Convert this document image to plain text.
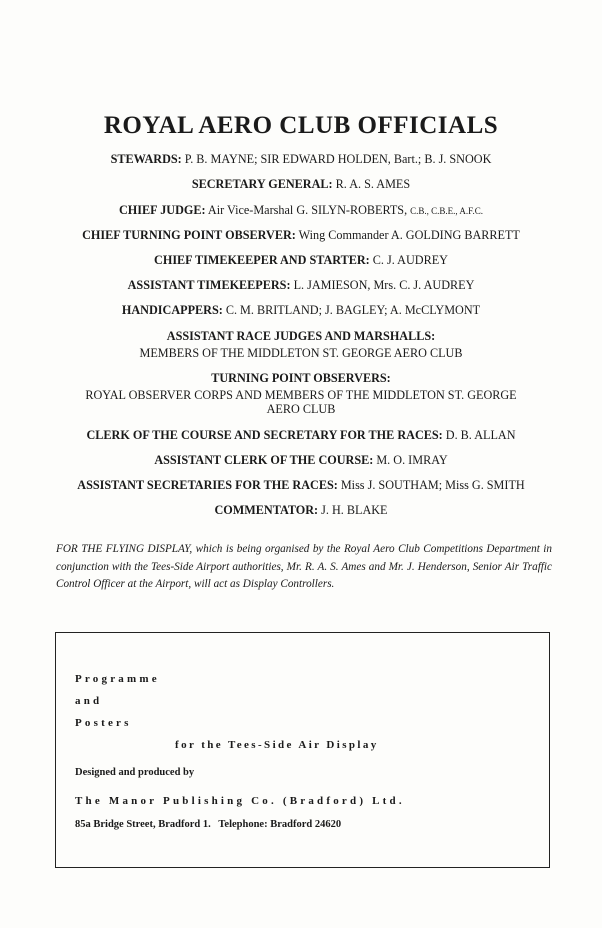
ROYAL AERO CLUB OFFICIALS
STEWARDS: P. B. MAYNE; SIR EDWARD HOLDEN, Bart.; B. J. SNOOK
SECRETARY GENERAL: R. A. S. AMES
CHIEF JUDGE: Air Vice-Marshal G. SILYN-ROBERTS, C.B., C.B.E., A.F.C.
CHIEF TURNING POINT OBSERVER: Wing Commander A. GOLDING BARRETT
CHIEF TIMEKEEPER AND STARTER: C. J. AUDREY
ASSISTANT TIMEKEEPERS: L. JAMIESON, Mrs. C. J. AUDREY
HANDICAPPERS: C. M. BRITLAND; J. BAGLEY; A. McCLYMONT
ASSISTANT RACE JUDGES AND MARSHALLS:
MEMBERS OF THE MIDDLETON ST. GEORGE AERO CLUB
TURNING POINT OBSERVERS:
ROYAL OBSERVER CORPS AND MEMBERS OF THE MIDDLETON ST. GEORGE
AERO CLUB
CLERK OF THE COURSE AND SECRETARY FOR THE RACES: D. B. ALLAN
ASSISTANT CLERK OF THE COURSE: M. O. IMRAY
ASSISTANT SECRETARIES FOR THE RACES: Miss J. SOUTHAM; Miss G. SMITH
COMMENTATOR: J. H. BLAKE

FOR THE FLYING DISPLAY, which is being organised by the Royal Aero Club Competitions Department in conjunction with the Tees-Side Airport authorities, Mr. R. A. S. Ames and Mr. J. Henderson, Senior Air Traffic Control Officer at the Airport, will act as Display Controllers.

Programme
and
Posters
for the Tees-Side Air Display
Designed and produced by
The Manor Publishing Co. (Bradford) Ltd.
85a Bridge Street, Bradford 1.   Telephone: Bradford 24620
